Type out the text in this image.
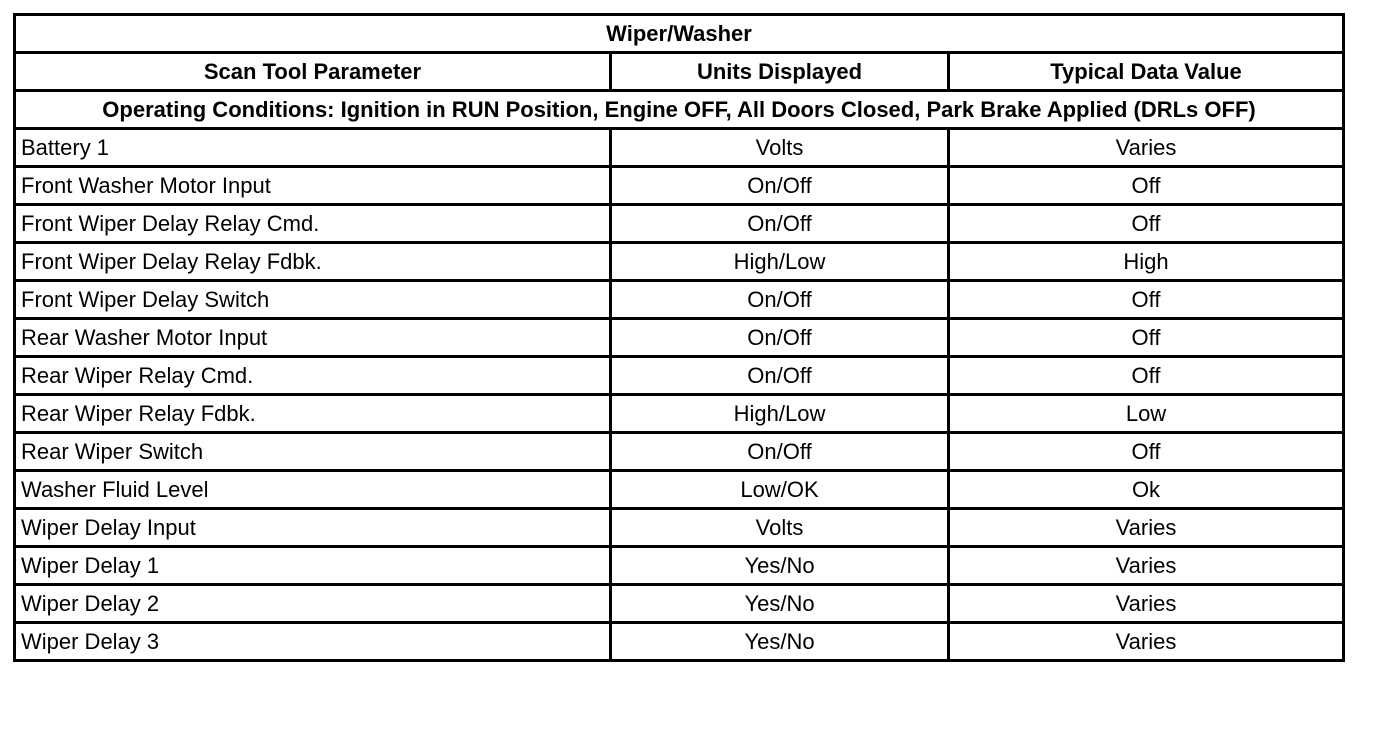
Wiper/Washer		
Scan Tool Parameter	Units Displayed	Typical Data Value
Operating Conditions: Ignition in RUN Position, Engine OFF, All Doors Closed, Park Brake Applied (DRLs OFF)		
Battery 1	Volts	Varies
Front Washer Motor Input	On/Off	Off
Front Wiper Delay Relay Cmd.	On/Off	Off
Front Wiper Delay Relay Fdbk.	High/Low	High
Front Wiper Delay Switch	On/Off	Off
Rear Washer Motor Input	On/Off	Off
Rear Wiper Relay Cmd.	On/Off	Off
Rear Wiper Relay Fdbk.	High/Low	Low
Rear Wiper Switch	On/Off	Off
Washer Fluid Level	Low/OK	Ok
Wiper Delay Input	Volts	Varies
Wiper Delay 1	Yes/No	Varies
Wiper Delay 2	Yes/No	Varies
Wiper Delay 3	Yes/No	Varies
